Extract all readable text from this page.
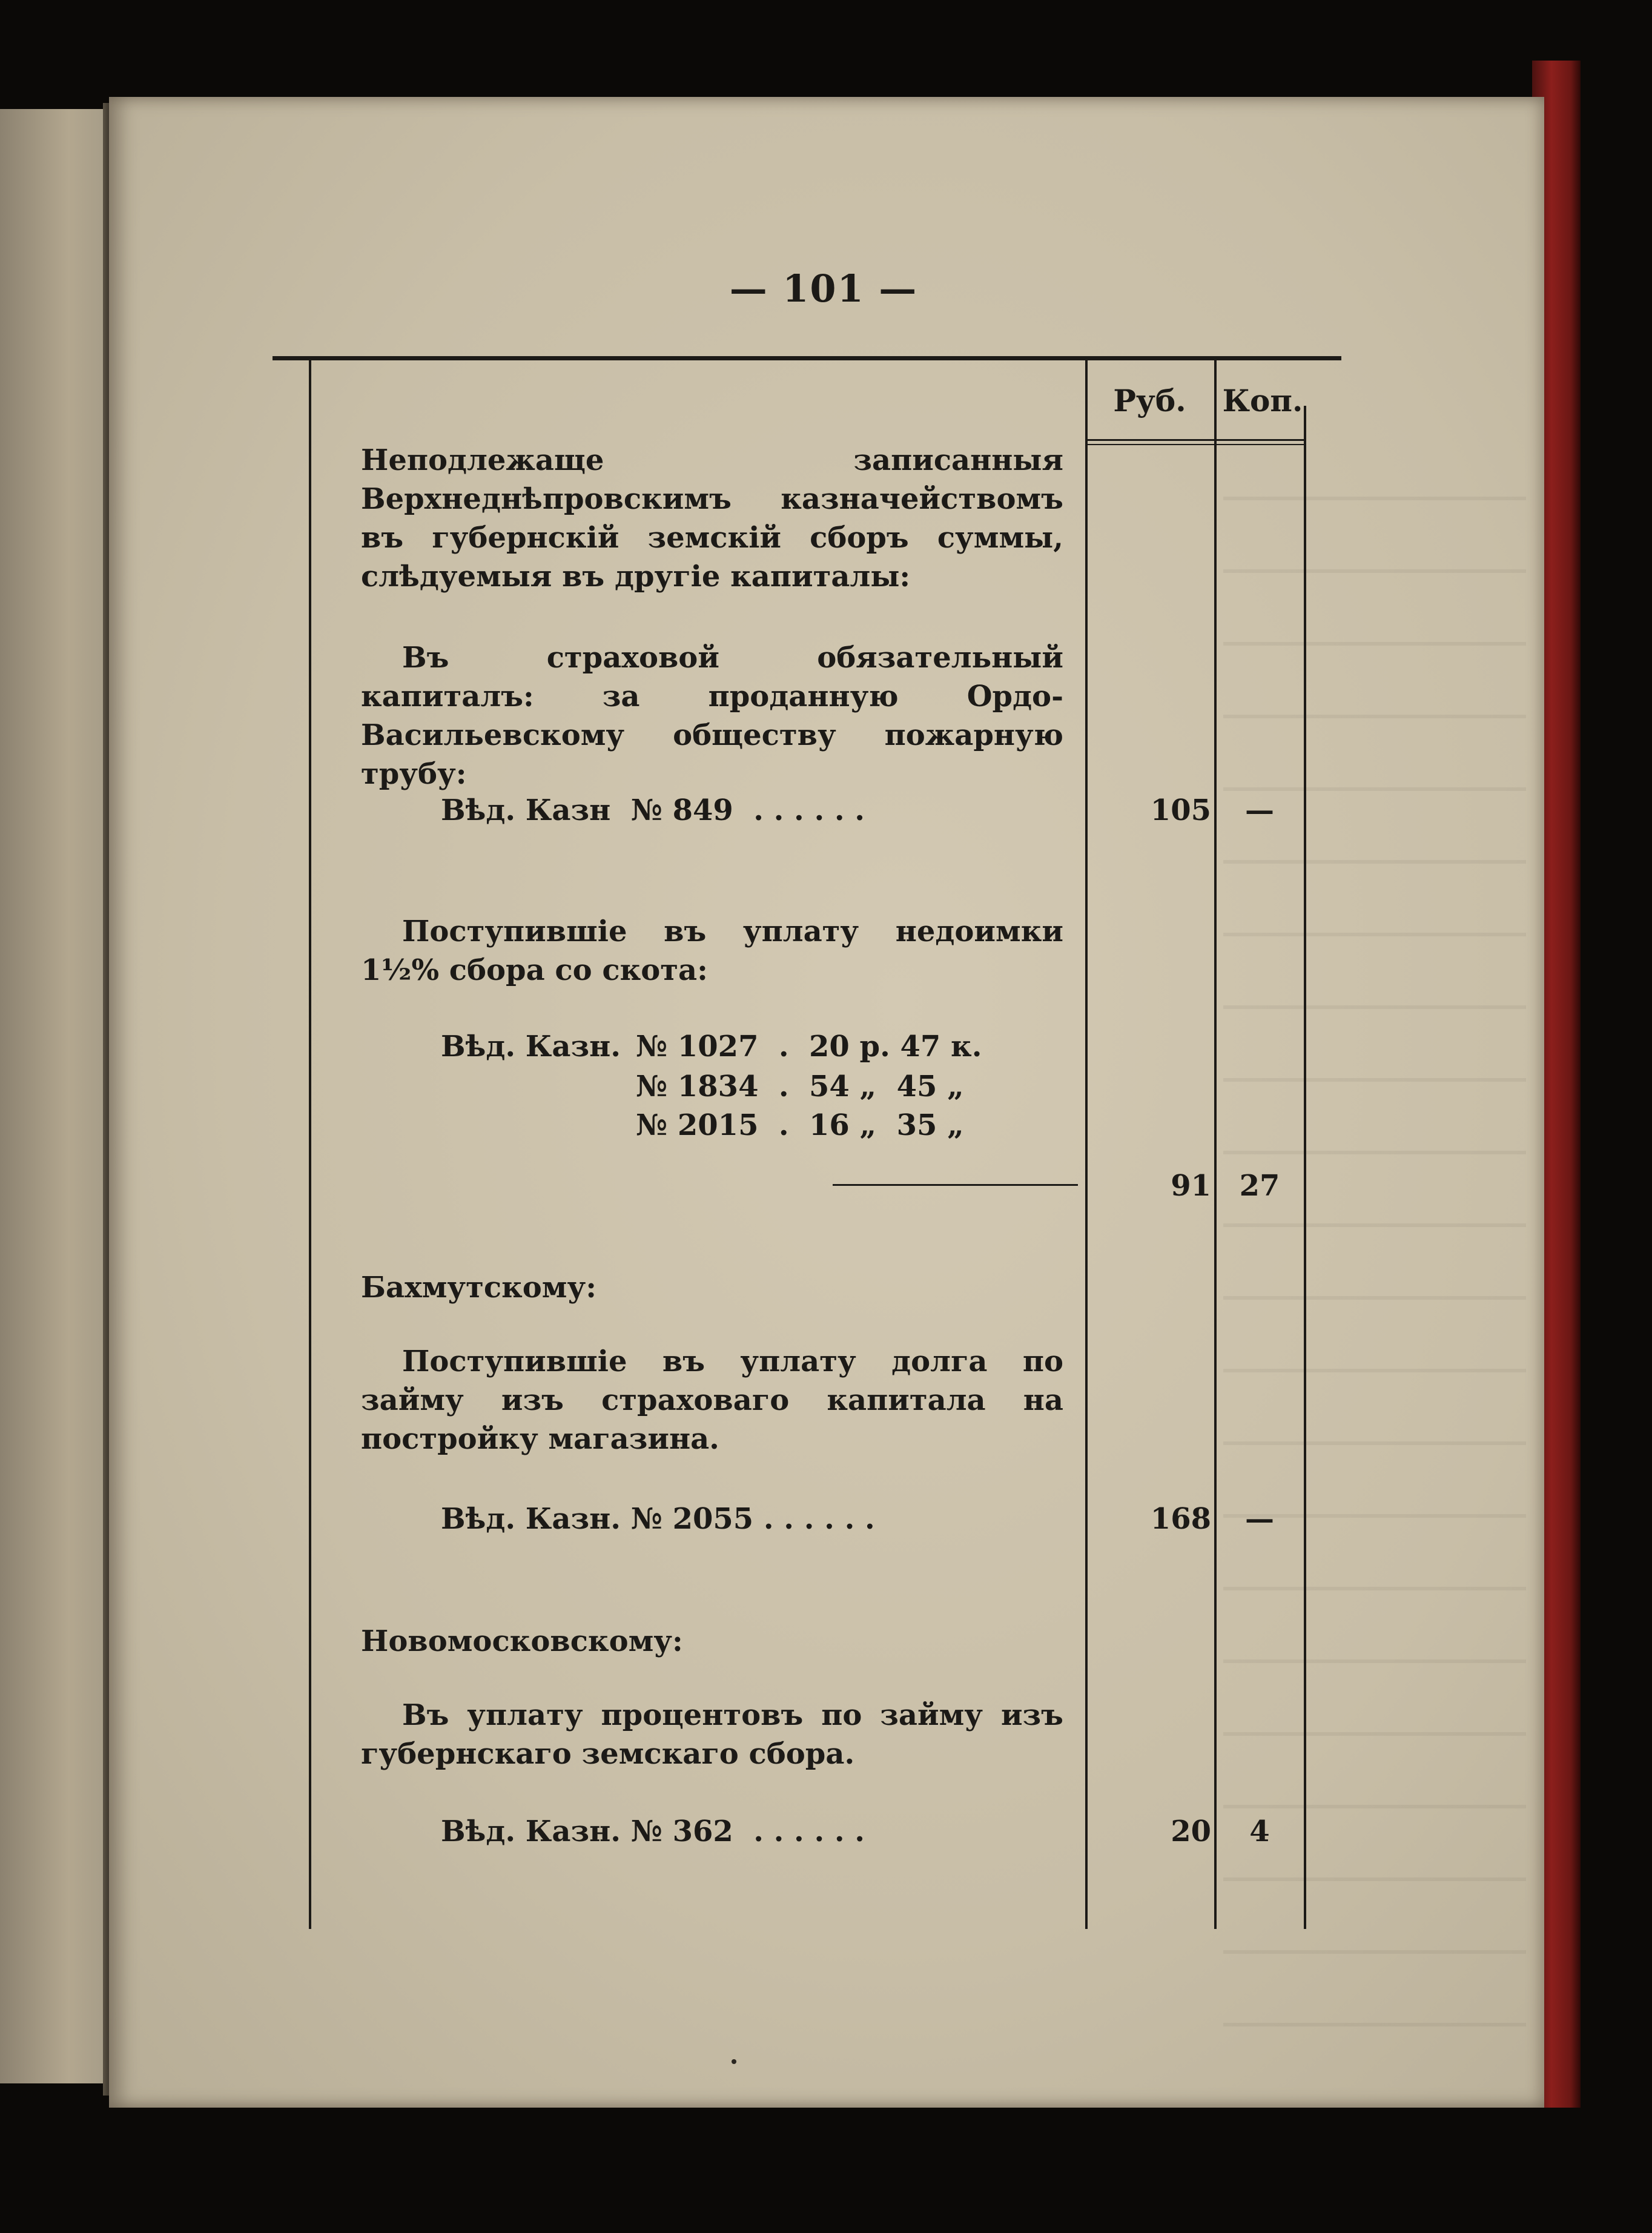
— 101 —
Руб.	Коп.
Неподлежаще записанныя Верхнеднѣпровскимъ казначействомъ въ губернскій земскій сборъ суммы, слѣдуемыя въ другіе капиталы:
Въ страховой обязательный капиталъ: за проданную Ордо-Васильевскому обществу пожарную трубу:
Вѣд. Казн  № 849  . . . . . .	105	—
Поступившіе въ уплату недоимки 1½% сбора со скота:
Вѣд. Казн. № 1027  .  20 р. 47 к.
№ 1834  .  54 „  45 „
№ 2015  .  16 „  35 „
91 27
Бахмутскому:
Поступившіе въ уплату долга по займу изъ страховаго капитала на постройку магазина.
Вѣд. Казн. № 2055 . . . . . .	168	—
Новомосковскому:
Въ уплату процентовъ по займу изъ губернскаго земскаго сбора.
Вѣд. Казн. № 362  . . . . . .	20	4
